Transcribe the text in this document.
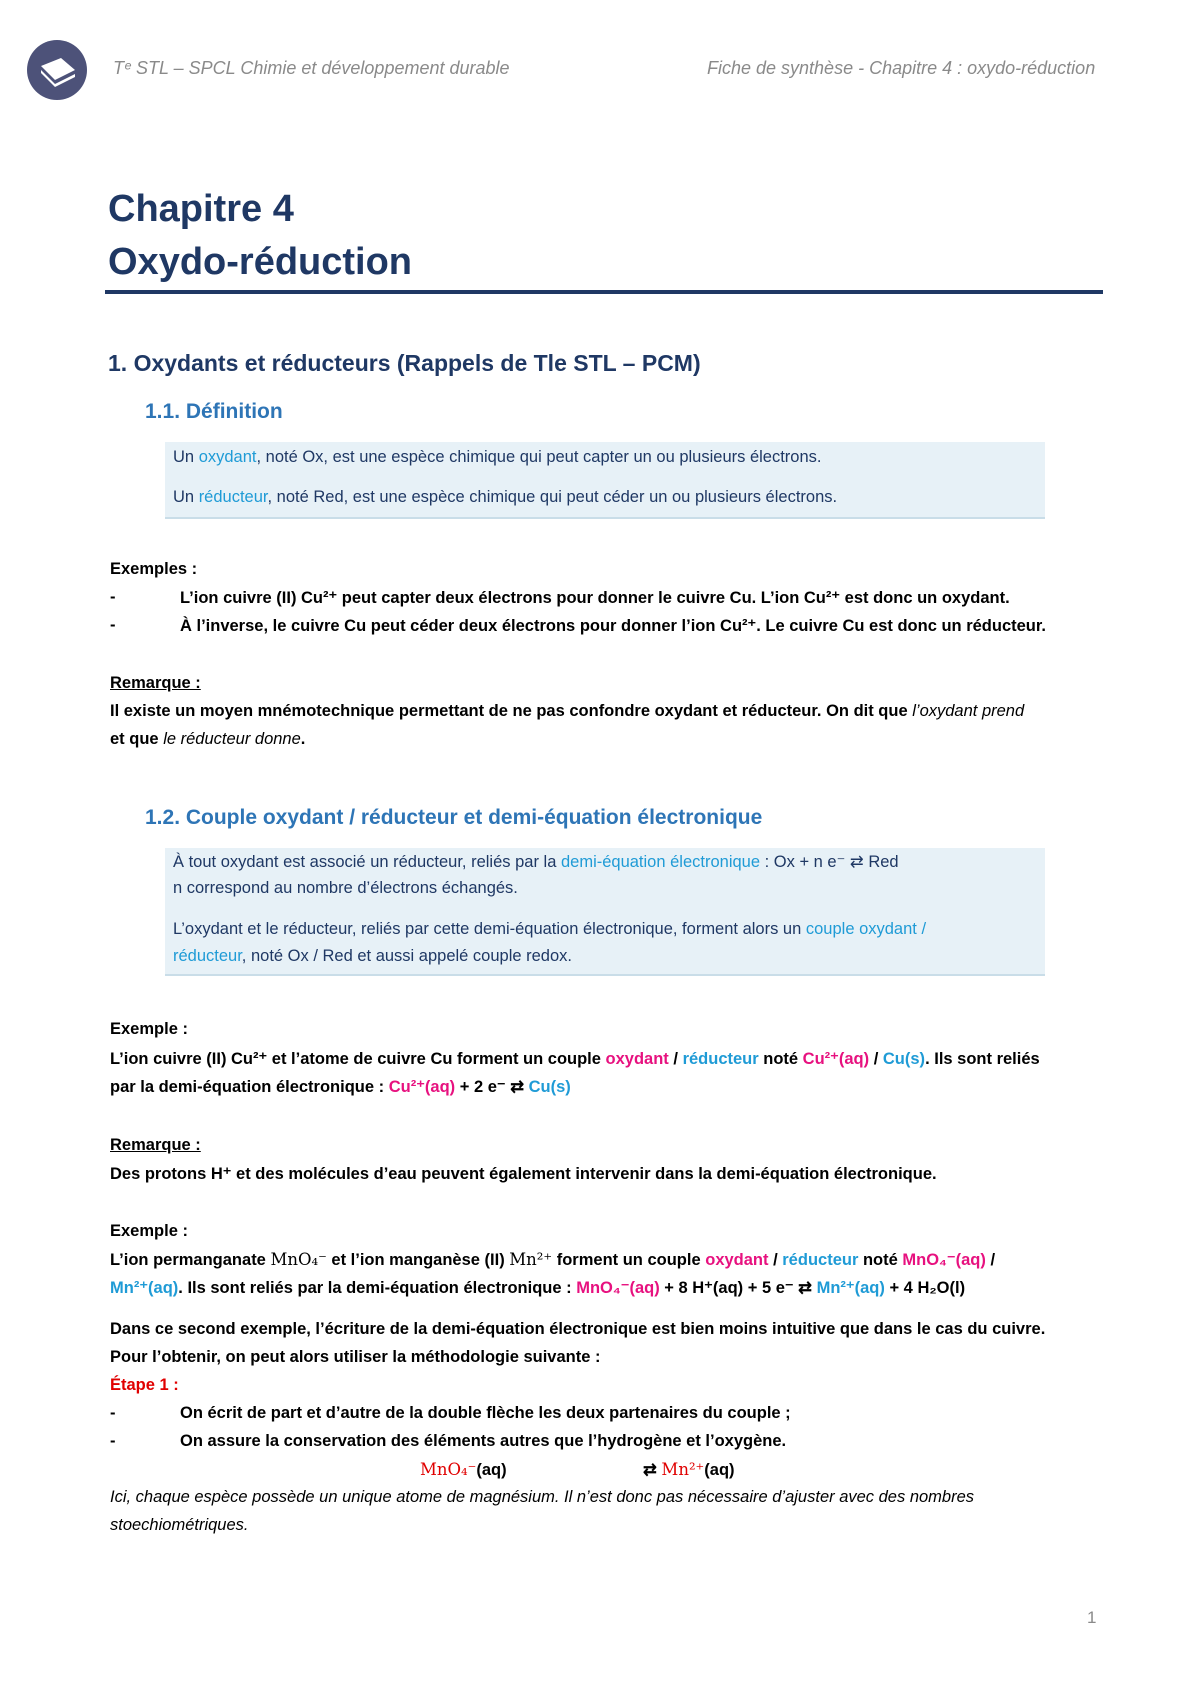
Tᵉ STL – SPCL Chimie et développement durable	Fiche de synthèse - Chapitre 4 : oxydo-réduction
Chapitre 4
Oxydo-réduction
1. Oxydants et réducteurs (Rappels de Tle STL – PCM)
1.1. Définition
Un oxydant, noté Ox, est une espèce chimique qui peut capter un ou plusieurs électrons.
Un réducteur, noté Red, est une espèce chimique qui peut céder un ou plusieurs électrons.
Exemples :
-	L’ion cuivre (II) Cu²⁺ peut capter deux électrons pour donner le cuivre Cu. L’ion Cu²⁺ est donc un oxydant.
-	À l’inverse, le cuivre Cu peut céder deux électrons pour donner l’ion Cu²⁺. Le cuivre Cu est donc un réducteur.
Remarque :
Il existe un moyen mnémotechnique permettant de ne pas confondre oxydant et réducteur. On dit que l’oxydant prend
et que le réducteur donne.
1.2. Couple oxydant / réducteur et demi-équation électronique
À tout oxydant est associé un réducteur, reliés par la demi-équation électronique : Ox + n e⁻ ⇄ Red
n correspond au nombre d’électrons échangés.
L’oxydant et le réducteur, reliés par cette demi-équation électronique, forment alors un couple oxydant /
réducteur, noté Ox / Red et aussi appelé couple redox.
Exemple :
L’ion cuivre (II) Cu²⁺ et l’atome de cuivre Cu forment un couple oxydant / réducteur noté Cu²⁺(aq) / Cu(s). Ils sont reliés
par la demi-équation électronique : Cu²⁺(aq) + 2 e⁻ ⇄ Cu(s)
Remarque :
Des protons H⁺ et des molécules d’eau peuvent également intervenir dans la demi-équation électronique.
Exemple :
L’ion permanganate MnO₄⁻ et l’ion manganèse (II) Mn²⁺ forment un couple oxydant / réducteur noté MnO₄⁻(aq) /
Mn²⁺(aq). Ils sont reliés par la demi-équation électronique : MnO₄⁻(aq) + 8 H⁺(aq) + 5 e⁻ ⇄ Mn²⁺(aq) + 4 H₂O(l)
Dans ce second exemple, l’écriture de la demi-équation électronique est bien moins intuitive que dans le cas du cuivre.
Pour l’obtenir, on peut alors utiliser la méthodologie suivante :
Étape 1 :
-	On écrit de part et d’autre de la double flèche les deux partenaires du couple ;
-	On assure la conservation des éléments autres que l’hydrogène et l’oxygène.
MnO₄⁻(aq)	⇄ Mn²⁺(aq)
Ici, chaque espèce possède un unique atome de magnésium. Il n’est donc pas nécessaire d’ajuster avec des nombres
stoechiométriques.
1
